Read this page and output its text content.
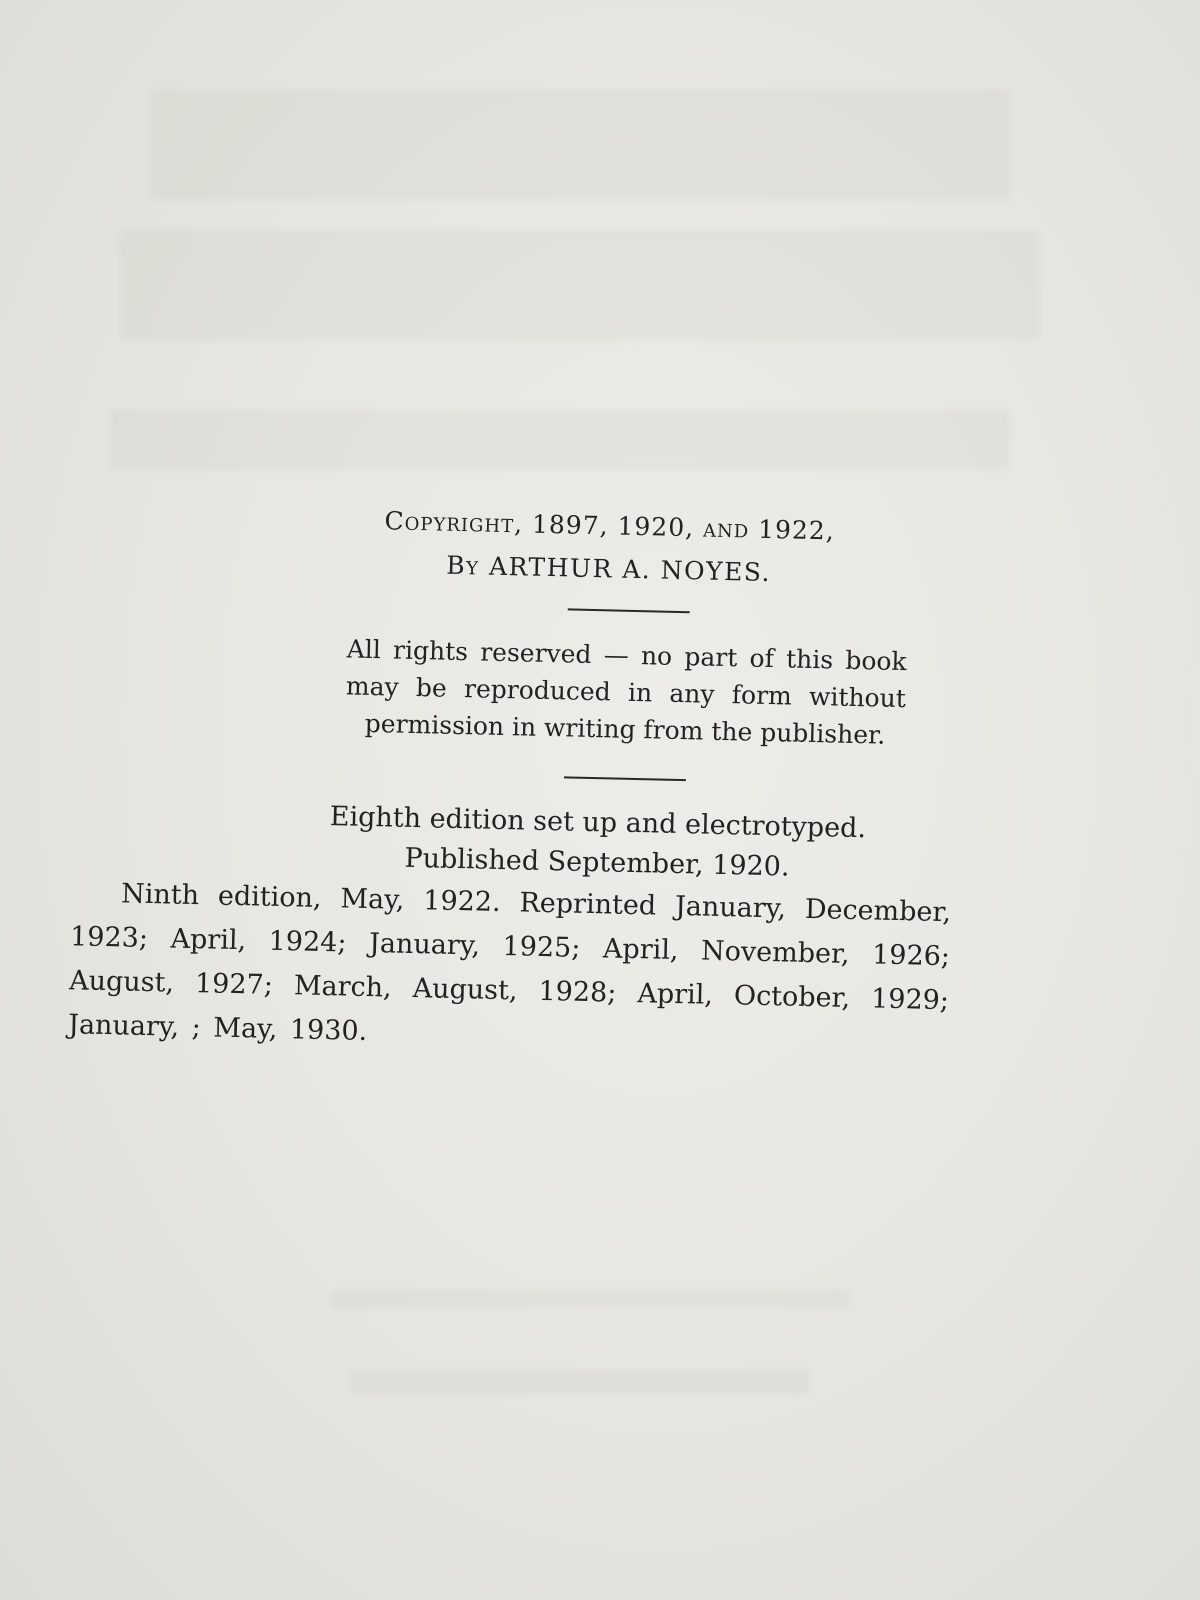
Copyright, 1897, 1920, and 1922,

By ARTHUR A. NOYES.

All rights reserved — no part of this book may be reproduced in any form without permission in writing from the publisher.

Eighth edition set up and electrotyped.

Published September, 1920.

Ninth edition, May, 1922. Reprinted January, December, 1923; April, 1924; January, 1925; April, November, 1926; August, 1927; March, August, 1928; April, October, 1929; January, ; May, 1930.
